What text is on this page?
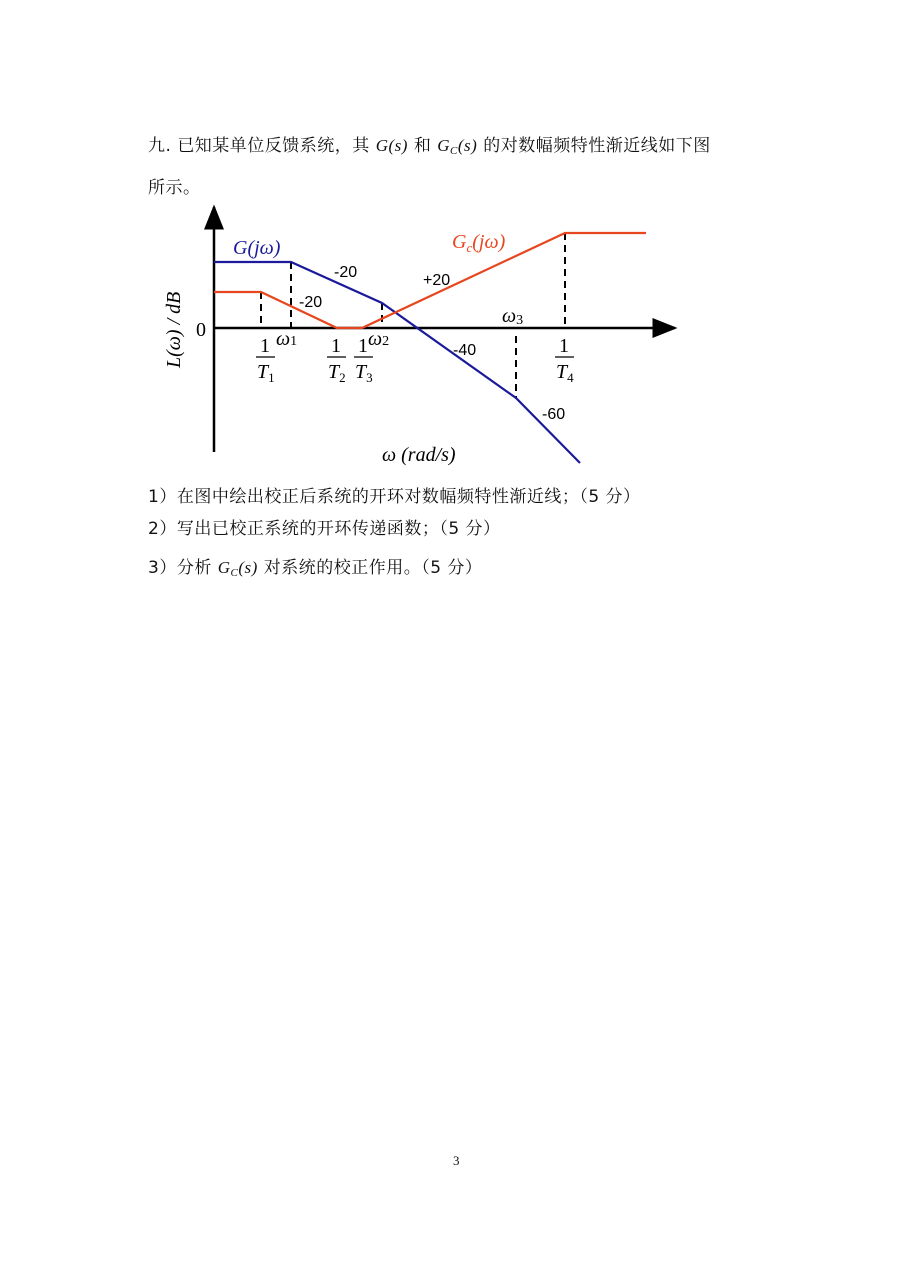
九. 已知某单位反馈系统，其 G(s) 和 $G_C(s)$ 的对数幅频特性渐近线如下图
所示。
G(jω)	$G_c(j\omega)$
-20
-20
+20
-40
-60
L(ω) / dB 0
ω (rad/s)
ω1	ω2
ω3
1
$T_1$
1
$T_2$
1
$T_3$
1
$T_4$
1）在图中绘出校正后系统的开环对数幅频特性渐近线；（5 分）
2）写出已校正系统的开环传递函数；（5 分）
3）分析 $G_C(s)$ 对系统的校正作用。（5 分）
3
